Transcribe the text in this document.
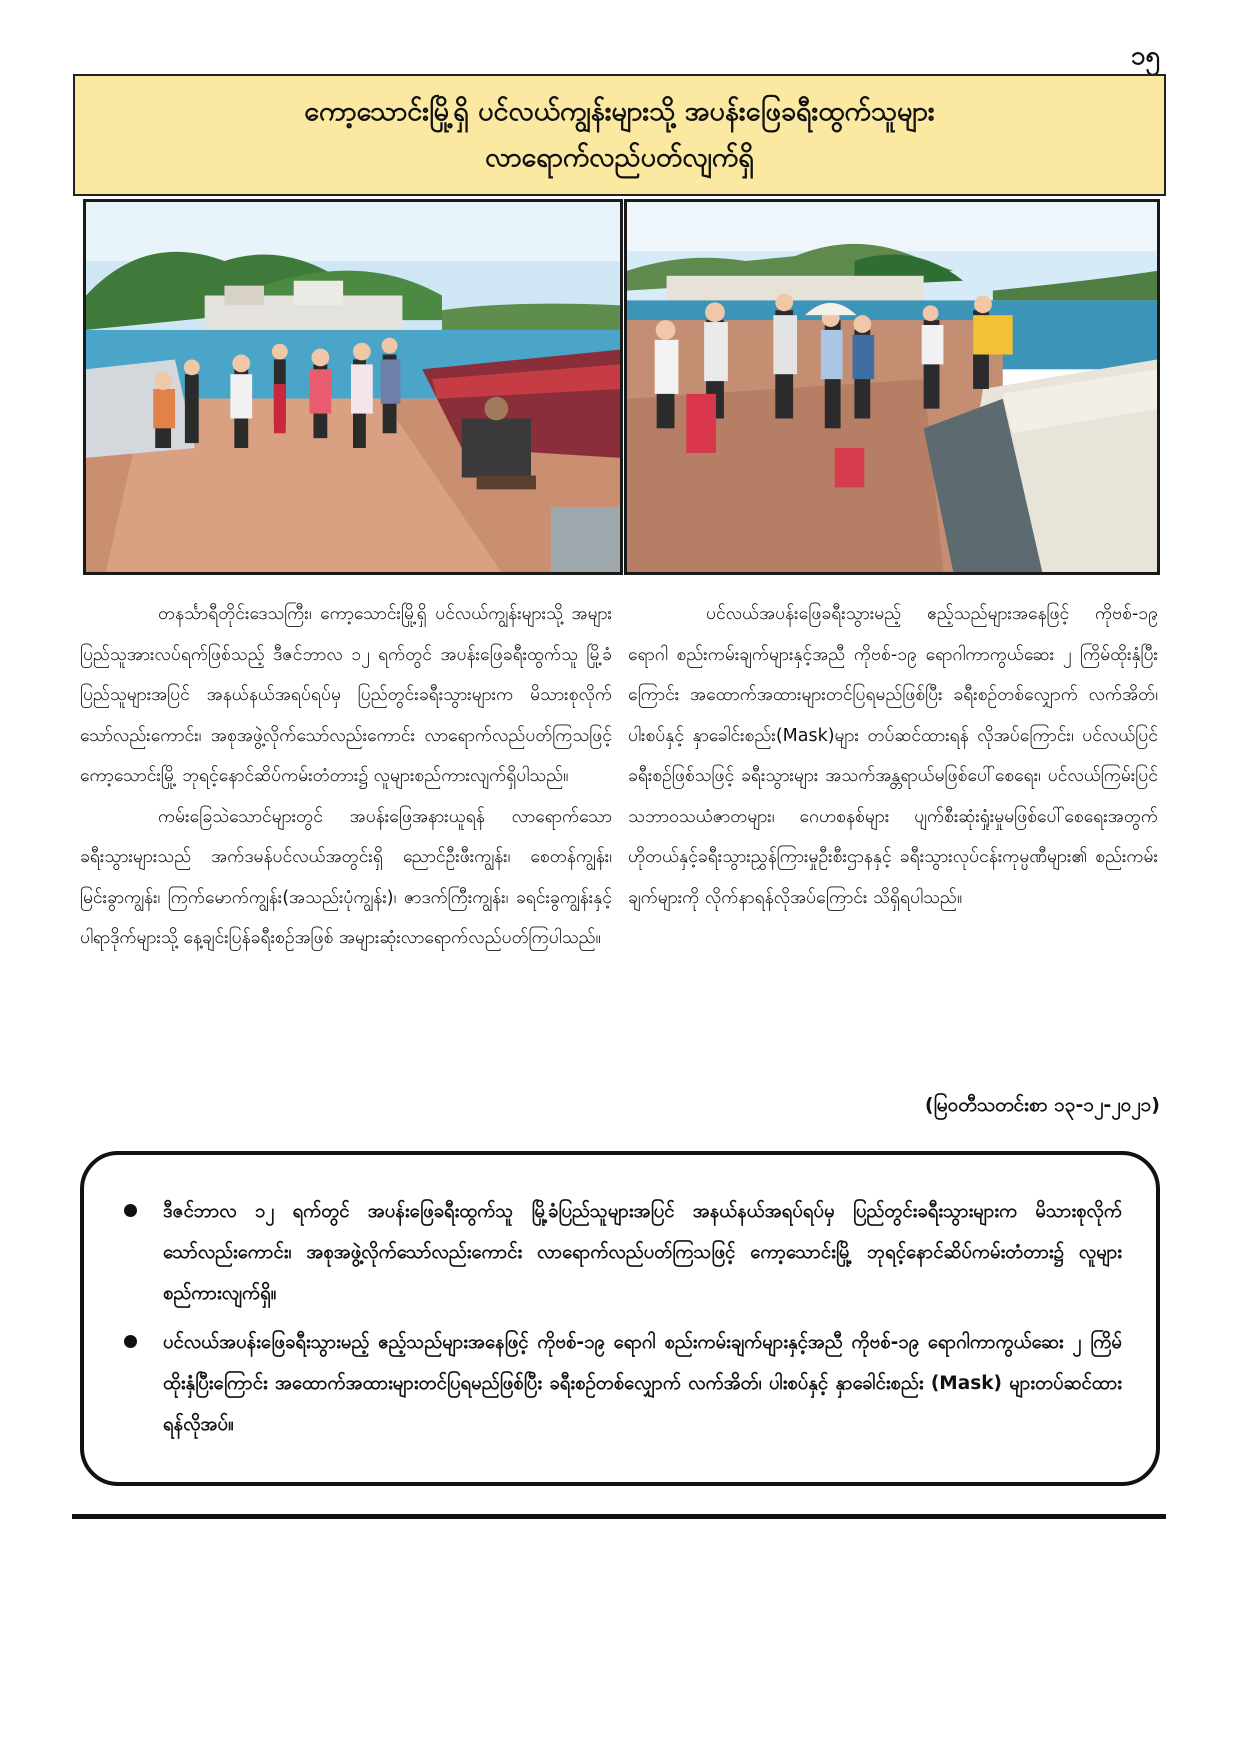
၁၅
ကော့သောင်းမြို့ရှိ ပင်လယ်ကျွန်းများသို့ အပန်းဖြေခရီးထွက်သူများ
လာရောက်လည်ပတ်လျက်ရှိ

တနင်္သာရီတိုင်းဒေသကြီး၊ ကော့သောင်းမြို့ရှိ ပင်လယ်ကျွန်းများသို့ အများပြည်သူအားလပ်ရက်ဖြစ်သည့် ဒီဇင်ဘာလ ၁၂ ရက်တွင် အပန်းဖြေခရီးထွက်သူ မြို့ခံပြည်သူများအပြင် အနယ်နယ်အရပ်ရပ်မှ ပြည်တွင်းခရီးသွားများက မိသားစုလိုက်သော်လည်းကောင်း၊ အစုအဖွဲ့လိုက်သော်လည်းကောင်း လာရောက်လည်ပတ်ကြသဖြင့် ကော့သောင်းမြို့ ဘုရင့်နောင်ဆိပ်ကမ်းတံတား၌ လူများစည်ကားလျက်ရှိပါသည်။

ကမ်းခြေသဲသောင်များတွင် အပန်းဖြေအနားယူရန် လာရောက်သော ခရီးသွားများသည် အက်ဒမန်ပင်လယ်အတွင်းရှိ ညောင်ဦးဖီးကျွန်း၊ စေတန်ကျွန်း၊ မြင်းခွာကျွန်း၊ ကြက်မောက်ကျွန်း(အသည်းပုံကျွန်း)၊ ဇာဒက်ကြီးကျွန်း၊ ခရင်းခွကျွန်းနှင့် ပါရာဒိုက်များသို့ နေ့ချင်းပြန်ခရီးစဉ်အဖြစ် အများဆုံးလာရောက်လည်ပတ်ကြပါသည်။

ပင်လယ်အပန်းဖြေခရီးသွားမည့် ဧည့်သည်များအနေဖြင့် ကိုဗစ်-၁၉ ရောဂါ စည်းကမ်းချက်များနှင့်အညီ ကိုဗစ်-၁၉ ရောဂါကာကွယ်ဆေး ၂ ကြိမ်ထိုးနှံပြီးကြောင်း အထောက်အထားများတင်ပြရမည်ဖြစ်ပြီး ခရီးစဉ်တစ်လျှောက် လက်အိတ်၊ ပါးစပ်နှင့် နှာခေါင်းစည်း(Mask)များ တပ်ဆင်ထားရန် လိုအပ်ကြောင်း၊ ပင်လယ်ပြင်ခရီးစဉ်ဖြစ်သဖြင့် ခရီးသွားများ အသက်အန္တရာယ်မဖြစ်ပေါ်စေရေး၊ ပင်လယ်ကြမ်းပြင်သဘာဝသယံဇာတများ၊ ဂေဟစနစ်များ ပျက်စီးဆုံးရှုံးမှုမဖြစ်ပေါ်စေရေးအတွက် ဟိုတယ်နှင့်ခရီးသွားညွှန်ကြားမှုဦးစီးဌာနနှင့် ခရီးသွားလုပ်ငန်းကုမ္ပဏီများ၏ စည်းကမ်းချက်များကို လိုက်နာရန်လိုအပ်ကြောင်း သိရှိရပါသည်။

(မြဝတီသတင်းစာ ၁၃-၁၂-၂၀၂၁)
ဒီဇင်ဘာလ ၁၂ ရက်တွင် အပန်းဖြေခရီးထွက်သူ မြို့ခံပြည်သူများအပြင် အနယ်နယ်အရပ်ရပ်မှ ပြည်တွင်းခရီးသွားများက မိသားစုလိုက်သော်လည်းကောင်း၊ အစုအဖွဲ့လိုက်သော်လည်းကောင်း လာရောက်လည်ပတ်ကြသဖြင့် ကော့သောင်းမြို့ ဘုရင့်နောင်ဆိပ်ကမ်းတံတား၌ လူများစည်ကားလျက်ရှိ။
ပင်လယ်အပန်းဖြေခရီးသွားမည့် ဧည့်သည်များအနေဖြင့် ကိုဗစ်-၁၉ ရောဂါ စည်းကမ်းချက်များနှင့်အညီ ကိုဗစ်-၁၉ ရောဂါကာကွယ်ဆေး ၂ ကြိမ်ထိုးနှံပြီးကြောင်း အထောက်အထားများတင်ပြရမည်ဖြစ်ပြီး ခရီးစဉ်တစ်လျှောက် လက်အိတ်၊ ပါးစပ်နှင့် နှာခေါင်းစည်း (Mask) များတပ်ဆင်ထားရန်လိုအပ်။
